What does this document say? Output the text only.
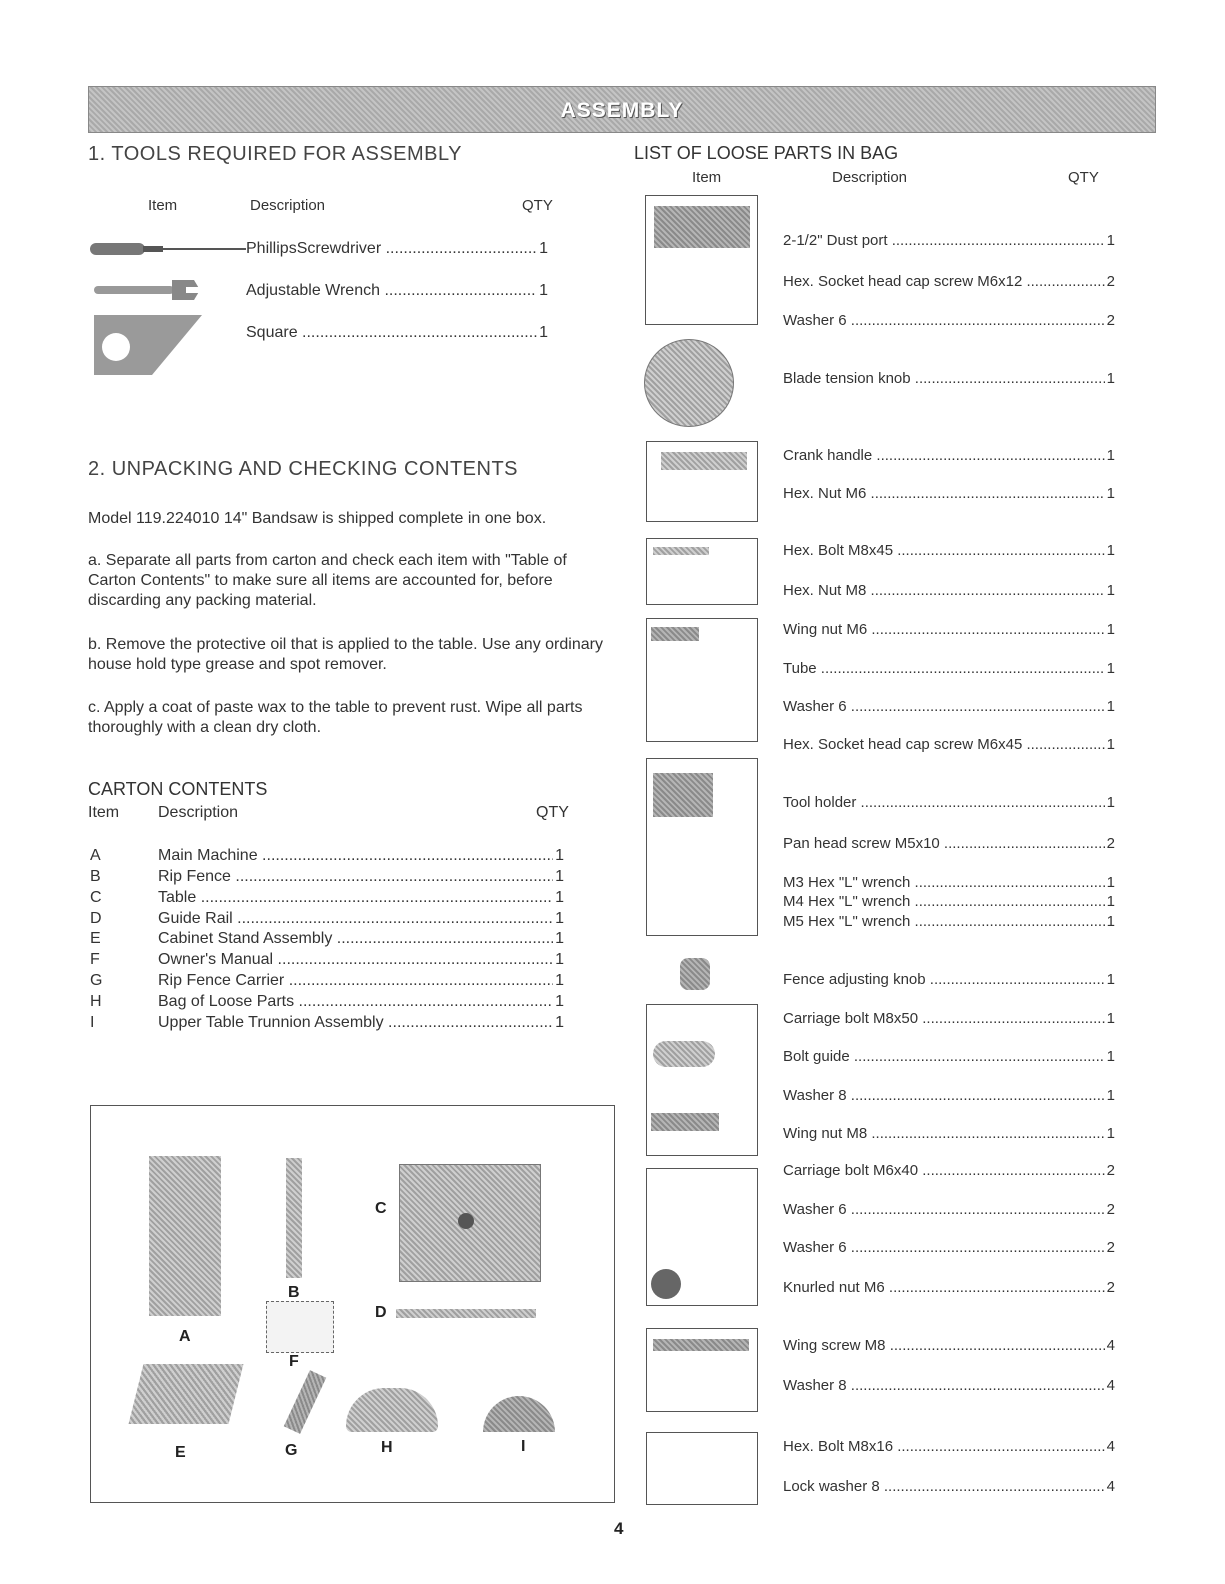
ASSEMBLY
1. TOOLS REQUIRED FOR ASSEMBLY
Item	Description	QTY
PhillipsScrewdriver .....	1
Adjustable Wrench .....	1
Square .....	1
2. UNPACKING AND CHECKING CONTENTS
Model 119.224010 14" Bandsaw is shipped complete in one box.
a. Separate all parts from carton and check each item with "Table of Carton Contents" to make sure all items are accounted for, before discarding any packing material.
b. Remove the protective oil that is applied to the table. Use any ordinary house hold type grease and spot remover.
c. Apply a coat of paste wax to the table to prevent rust. Wipe all parts thoroughly with a clean dry cloth.
CARTON CONTENTS
Item Description	QTY
A	Main Machine .....	1
B	Rip Fence .....	1
C	Table .....	1
D	Guide Rail .....	1
E	Cabinet Stand Assembly .....	1
F	Owner's Manual .....	1
G	Rip Fence Carrier .....	1
H	Bag of Loose Parts .....	1
I	Upper Table Trunnion Assembly .....	1
C
B
D
A
F
E	G	H	I
LIST OF LOOSE PARTS IN BAG
Item	Description	QTY
2-1/2" Dust port .....	1
Hex. Socket head cap screw M6x12 .....	2
Washer 6 .....	2
Blade tension knob .....	1
Crank handle .....	1
Hex. Nut M6 .....	1
Hex. Bolt M8x45 .....	1
Hex. Nut M8 .....	1
Wing nut M6 .....	1
Tube .....	1
Washer 6 .....	1
Hex. Socket head cap screw M6x45 .....	1
Tool holder .....	1
Pan head screw M5x10 .....	2
M3 Hex "L" wrench .....	1
M4 Hex "L" wrench .....	1
M5 Hex "L" wrench .....	1
Fence adjusting knob .....	1
Carriage bolt M8x50 .....	1
Bolt guide .....	1
Washer 8 .....	1
Wing nut M8 .....	1
Carriage bolt M6x40 .....	2
Washer 6 .....	2
Washer 6 .....	2
Knurled nut M6 .....	2
Wing screw M8 .....	4
Washer 8 .....	4
Hex. Bolt M8x16 .....	4
Lock washer 8 .....	4
4
